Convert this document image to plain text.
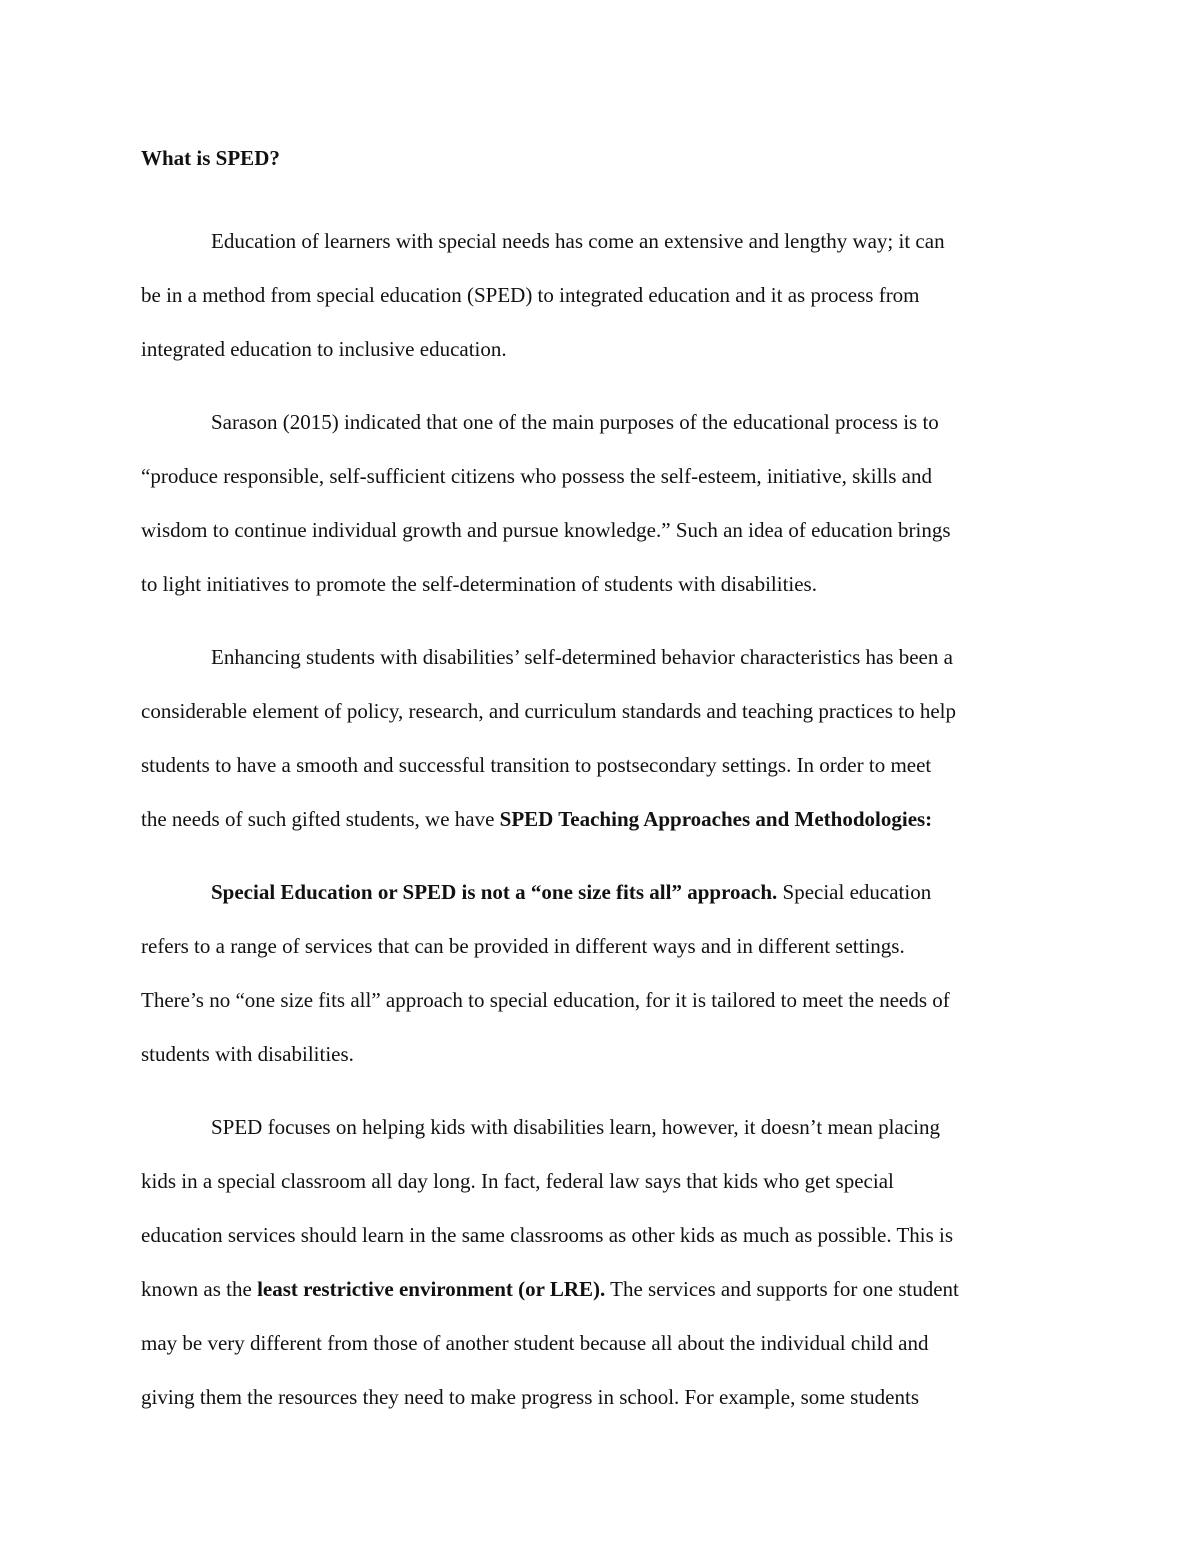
What is SPED?

Education of learners with special needs has come an extensive and lengthy way; it can
be in a method from special education (SPED) to integrated education and it as process from
integrated education to inclusive education.

Sarason (2015) indicated that one of the main purposes of the educational process is to
“produce responsible, self-sufficient citizens who possess the self-esteem, initiative, skills and
wisdom to continue individual growth and pursue knowledge.” Such an idea of education brings
to light initiatives to promote the self-determination of students with disabilities.

Enhancing students with disabilities’ self-determined behavior characteristics has been a
considerable element of policy, research, and curriculum standards and teaching practices to help
students to have a smooth and successful transition to postsecondary settings. In order to meet
the needs of such gifted students, we have SPED Teaching Approaches and Methodologies:

Special Education or SPED is not a “one size fits all” approach. Special education
refers to a range of services that can be provided in different ways and in different settings.
There’s no “one size fits all” approach to special education, for it is tailored to meet the needs of
students with disabilities.

SPED focuses on helping kids with disabilities learn, however, it doesn’t mean placing
kids in a special classroom all day long. In fact, federal law says that kids who get special
education services should learn in the same classrooms as other kids as much as possible. This is
known as the least restrictive environment (or LRE). The services and supports for one student
may be very different from those of another student because all about the individual child and
giving them the resources they need to make progress in school. For example, some students
